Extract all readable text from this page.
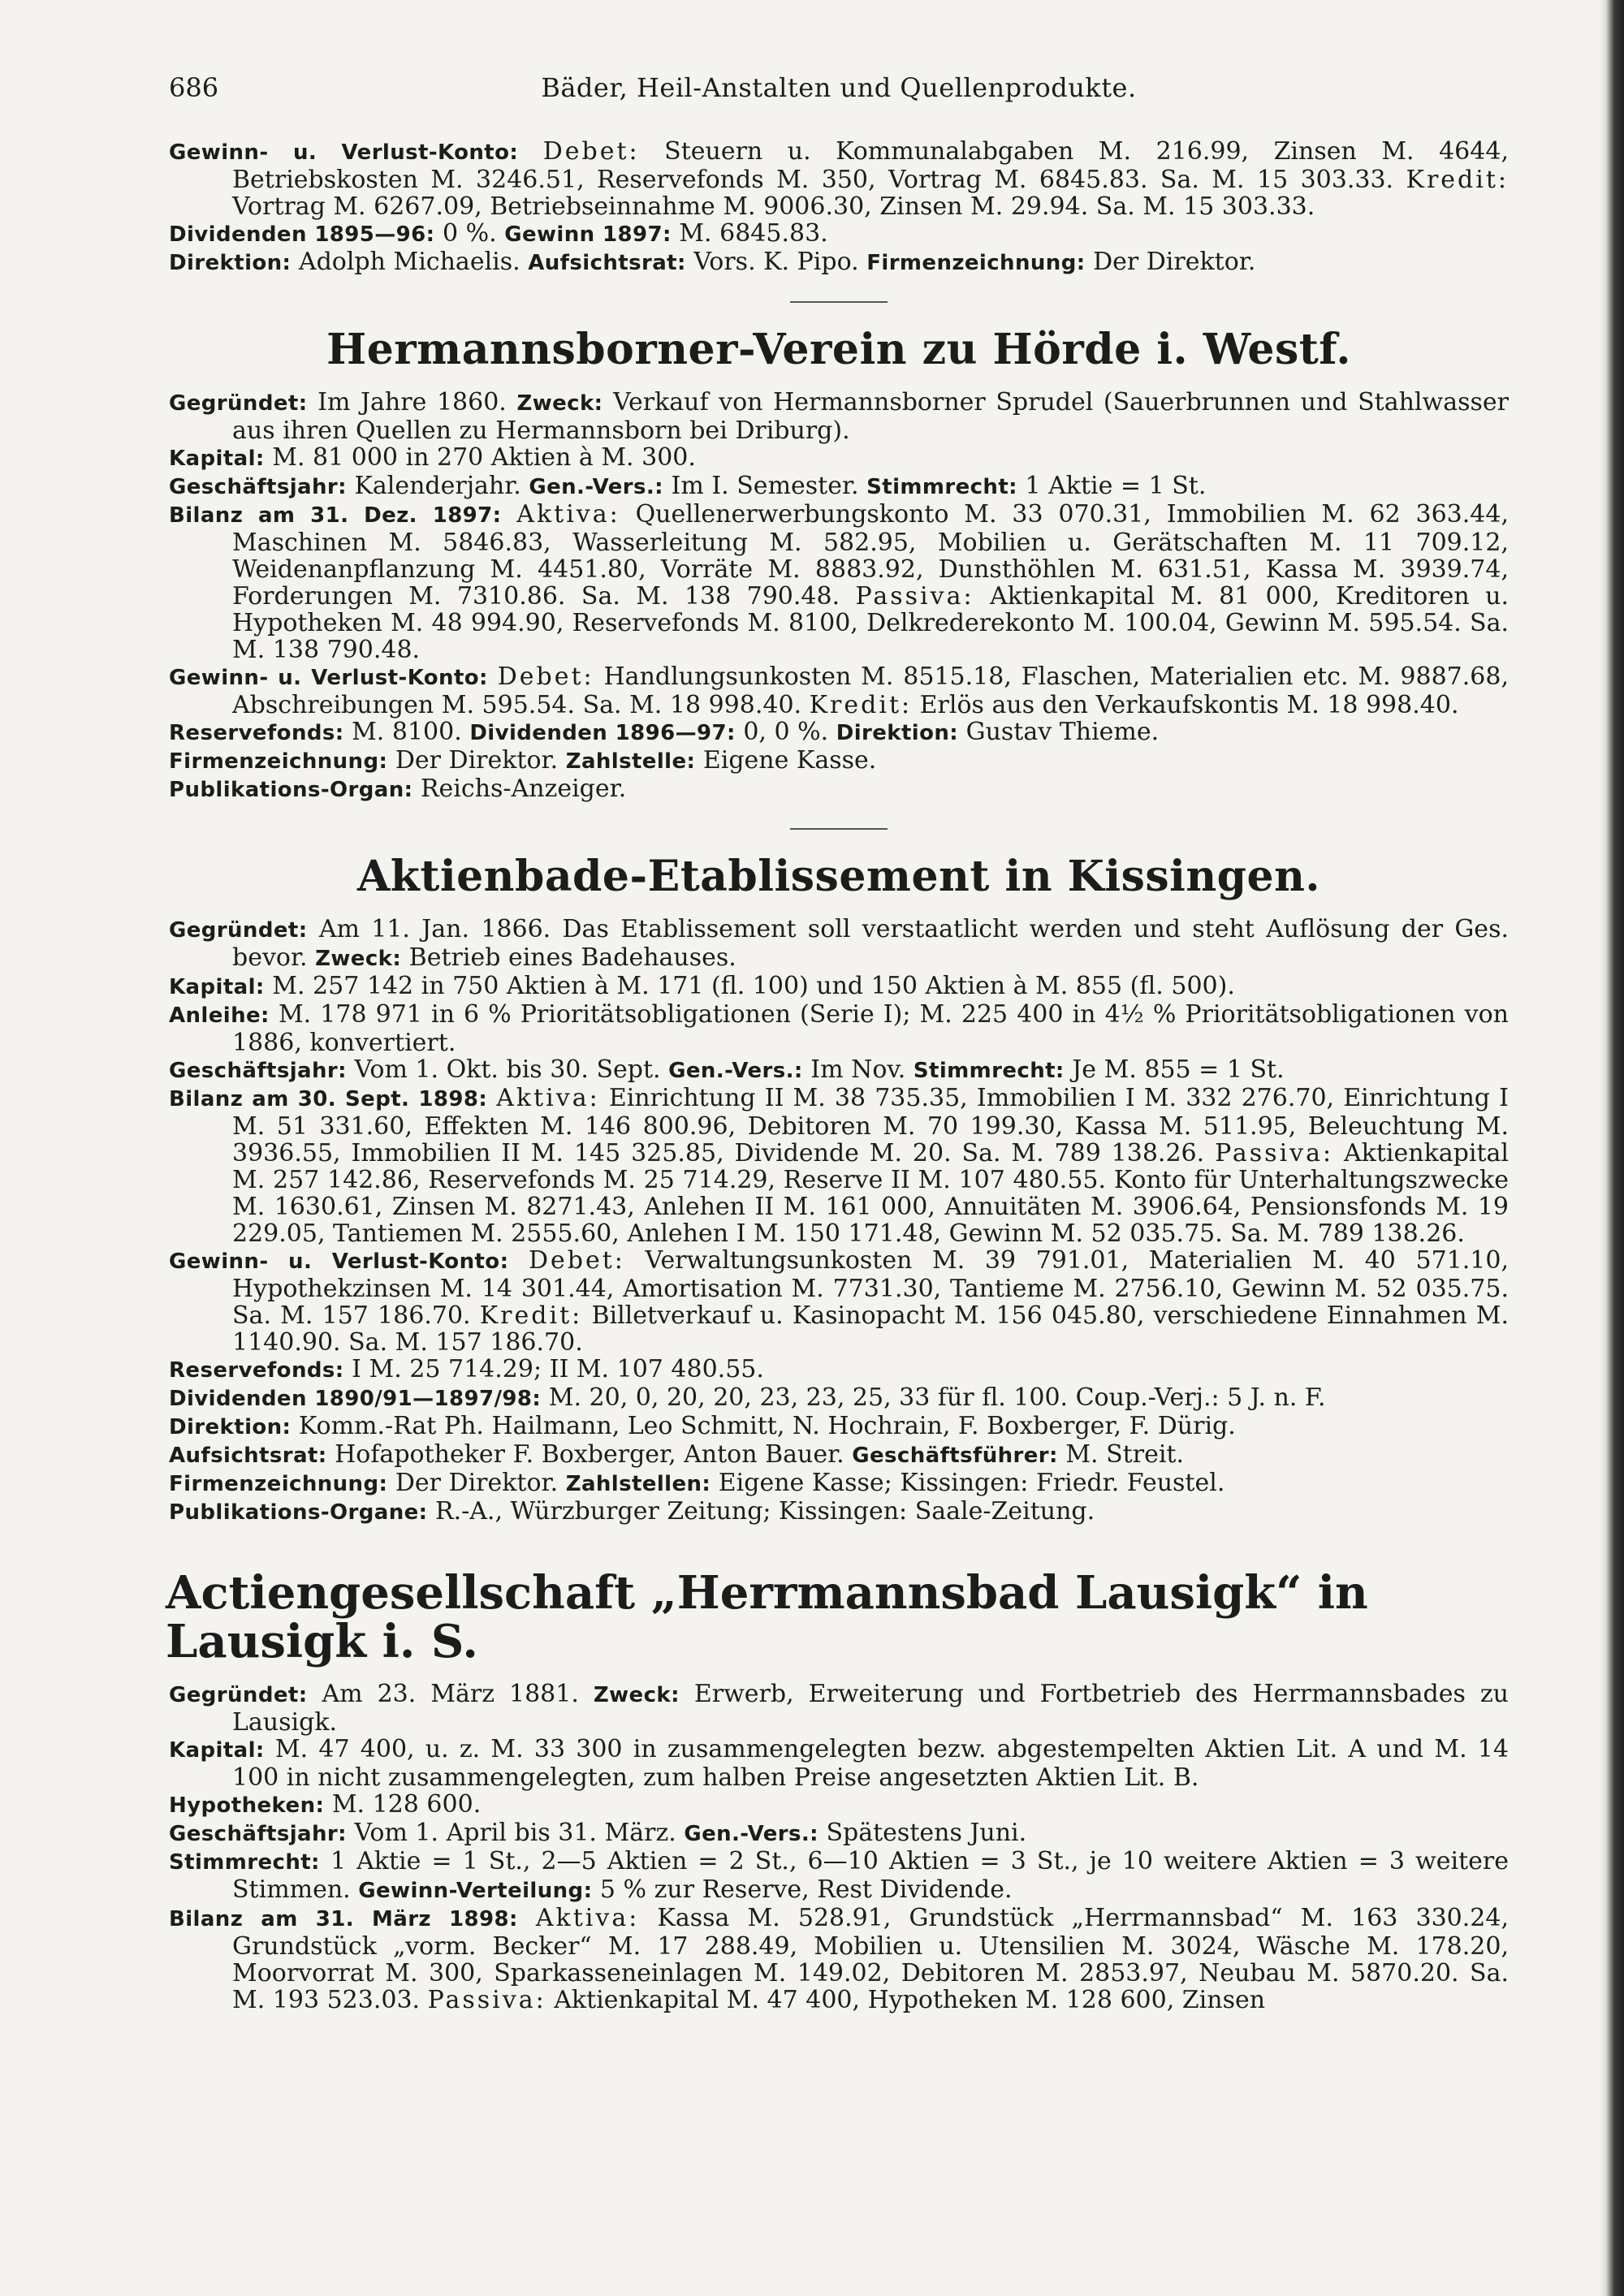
686	Bäder, Heil-Anstalten und Quellenprodukte.

Gewinn- u. Verlust-Konto: Debet: Steuern u. Kommunalabgaben M. 216.99, Zinsen M. 4644, Betriebskosten M. 3246.51, Reservefonds M. 350, Vortrag M. 6845.83. Sa. M. 15 303.33. Kredit: Vortrag M. 6267.09, Betriebseinnahme M. 9006.30, Zinsen M. 29.94. Sa. M. 15 303.33.

Dividenden 1895—96: 0 %. Gewinn 1897: M. 6845.83.

Direktion: Adolph Michaelis. Aufsichtsrat: Vors. K. Pipo. Firmenzeichnung: Der Direktor.

Hermannsborner-Verein zu Hörde i. Westf.

Gegründet: Im Jahre 1860. Zweck: Verkauf von Hermannsborner Sprudel (Sauerbrunnen und Stahlwasser aus ihren Quellen zu Hermannsborn bei Driburg).

Kapital: M. 81 000 in 270 Aktien à M. 300.

Geschäftsjahr: Kalenderjahr. Gen.-Vers.: Im I. Semester. Stimmrecht: 1 Aktie = 1 St.

Bilanz am 31. Dez. 1897: Aktiva: Quellenerwerbungskonto M. 33 070.31, Immobilien M. 62 363.44, Maschinen M. 5846.83, Wasserleitung M. 582.95, Mobilien u. Gerätschaften M. 11 709.12, Weidenanpflanzung M. 4451.80, Vorräte M. 8883.92, Dunsthöhlen M. 631.51, Kassa M. 3939.74, Forderungen M. 7310.86. Sa. M. 138 790.48. Passiva: Aktienkapital M. 81 000, Kreditoren u. Hypotheken M. 48 994.90, Reservefonds M. 8100, Delkrederekonto M. 100.04, Gewinn M. 595.54. Sa. M. 138 790.48.

Gewinn- u. Verlust-Konto: Debet: Handlungsunkosten M. 8515.18, Flaschen, Materialien etc. M. 9887.68, Abschreibungen M. 595.54. Sa. M. 18 998.40. Kredit: Erlös aus den Verkaufskontis M. 18 998.40.

Reservefonds: M. 8100. Dividenden 1896—97: 0, 0 %. Direktion: Gustav Thieme.

Firmenzeichnung: Der Direktor. Zahlstelle: Eigene Kasse.

Publikations-Organ: Reichs-Anzeiger.

Aktienbade-Etablissement in Kissingen.

Gegründet: Am 11. Jan. 1866. Das Etablissement soll verstaatlicht werden und steht Auflösung der Ges. bevor. Zweck: Betrieb eines Badehauses.

Kapital: M. 257 142 in 750 Aktien à M. 171 (fl. 100) und 150 Aktien à M. 855 (fl. 500).

Anleihe: M. 178 971 in 6 % Prioritätsobligationen (Serie I); M. 225 400 in 4½ % Prioritätsobligationen von 1886, konvertiert.

Geschäftsjahr: Vom 1. Okt. bis 30. Sept. Gen.-Vers.: Im Nov. Stimmrecht: Je M. 855 = 1 St.

Bilanz am 30. Sept. 1898: Aktiva: Einrichtung II M. 38 735.35, Immobilien I M. 332 276.70, Einrichtung I M. 51 331.60, Effekten M. 146 800.96, Debitoren M. 70 199.30, Kassa M. 511.95, Beleuchtung M. 3936.55, Immobilien II M. 145 325.85, Dividende M. 20. Sa. M. 789 138.26. Passiva: Aktienkapital M. 257 142.86, Reservefonds M. 25 714.29, Reserve II M. 107 480.55. Konto für Unterhaltungszwecke M. 1630.61, Zinsen M. 8271.43, Anlehen II M. 161 000, Annuitäten M. 3906.64, Pensionsfonds M. 19 229.05, Tantiemen M. 2555.60, Anlehen I M. 150 171.48, Gewinn M. 52 035.75. Sa. M. 789 138.26.

Gewinn- u. Verlust-Konto: Debet: Verwaltungsunkosten M. 39 791.01, Materialien M. 40 571.10, Hypothekzinsen M. 14 301.44, Amortisation M. 7731.30, Tantieme M. 2756.10, Gewinn M. 52 035.75. Sa. M. 157 186.70. Kredit: Billetverkauf u. Kasinopacht M. 156 045.80, verschiedene Einnahmen M. 1140.90. Sa. M. 157 186.70.

Reservefonds: I M. 25 714.29; II M. 107 480.55.

Dividenden 1890/91—1897/98: M. 20, 0, 20, 20, 23, 23, 25, 33 für fl. 100. Coup.-Verj.: 5 J. n. F.

Direktion: Komm.-Rat Ph. Hailmann, Leo Schmitt, N. Hochrain, F. Boxberger, F. Dürig.

Aufsichtsrat: Hofapotheker F. Boxberger, Anton Bauer. Geschäftsführer: M. Streit.

Firmenzeichnung: Der Direktor. Zahlstellen: Eigene Kasse; Kissingen: Friedr. Feustel.

Publikations-Organe: R.-A., Würzburger Zeitung; Kissingen: Saale-Zeitung.

Actiengesellschaft „Herrmannsbad Lausigk“ in Lausigk i. S.

Gegründet: Am 23. März 1881. Zweck: Erwerb, Erweiterung und Fortbetrieb des Herrmannsbades zu Lausigk.

Kapital: M. 47 400, u. z. M. 33 300 in zusammengelegten bezw. abgestempelten Aktien Lit. A und M. 14 100 in nicht zusammengelegten, zum halben Preise angesetzten Aktien Lit. B.

Hypotheken: M. 128 600.

Geschäftsjahr: Vom 1. April bis 31. März. Gen.-Vers.: Spätestens Juni.

Stimmrecht: 1 Aktie = 1 St., 2—5 Aktien = 2 St., 6—10 Aktien = 3 St., je 10 weitere Aktien = 3 weitere Stimmen. Gewinn-Verteilung: 5 % zur Reserve, Rest Dividende.

Bilanz am 31. März 1898: Aktiva: Kassa M. 528.91, Grundstück „Herrmannsbad“ M. 163 330.24, Grundstück „vorm. Becker“ M. 17 288.49, Mobilien u. Utensilien M. 3024, Wäsche M. 178.20, Moorvorrat M. 300, Sparkasseneinlagen M. 149.02, Debitoren M. 2853.97, Neubau M. 5870.20. Sa. M. 193 523.03. Passiva: Aktienkapital M. 47 400, Hypotheken M. 128 600, Zinsen
